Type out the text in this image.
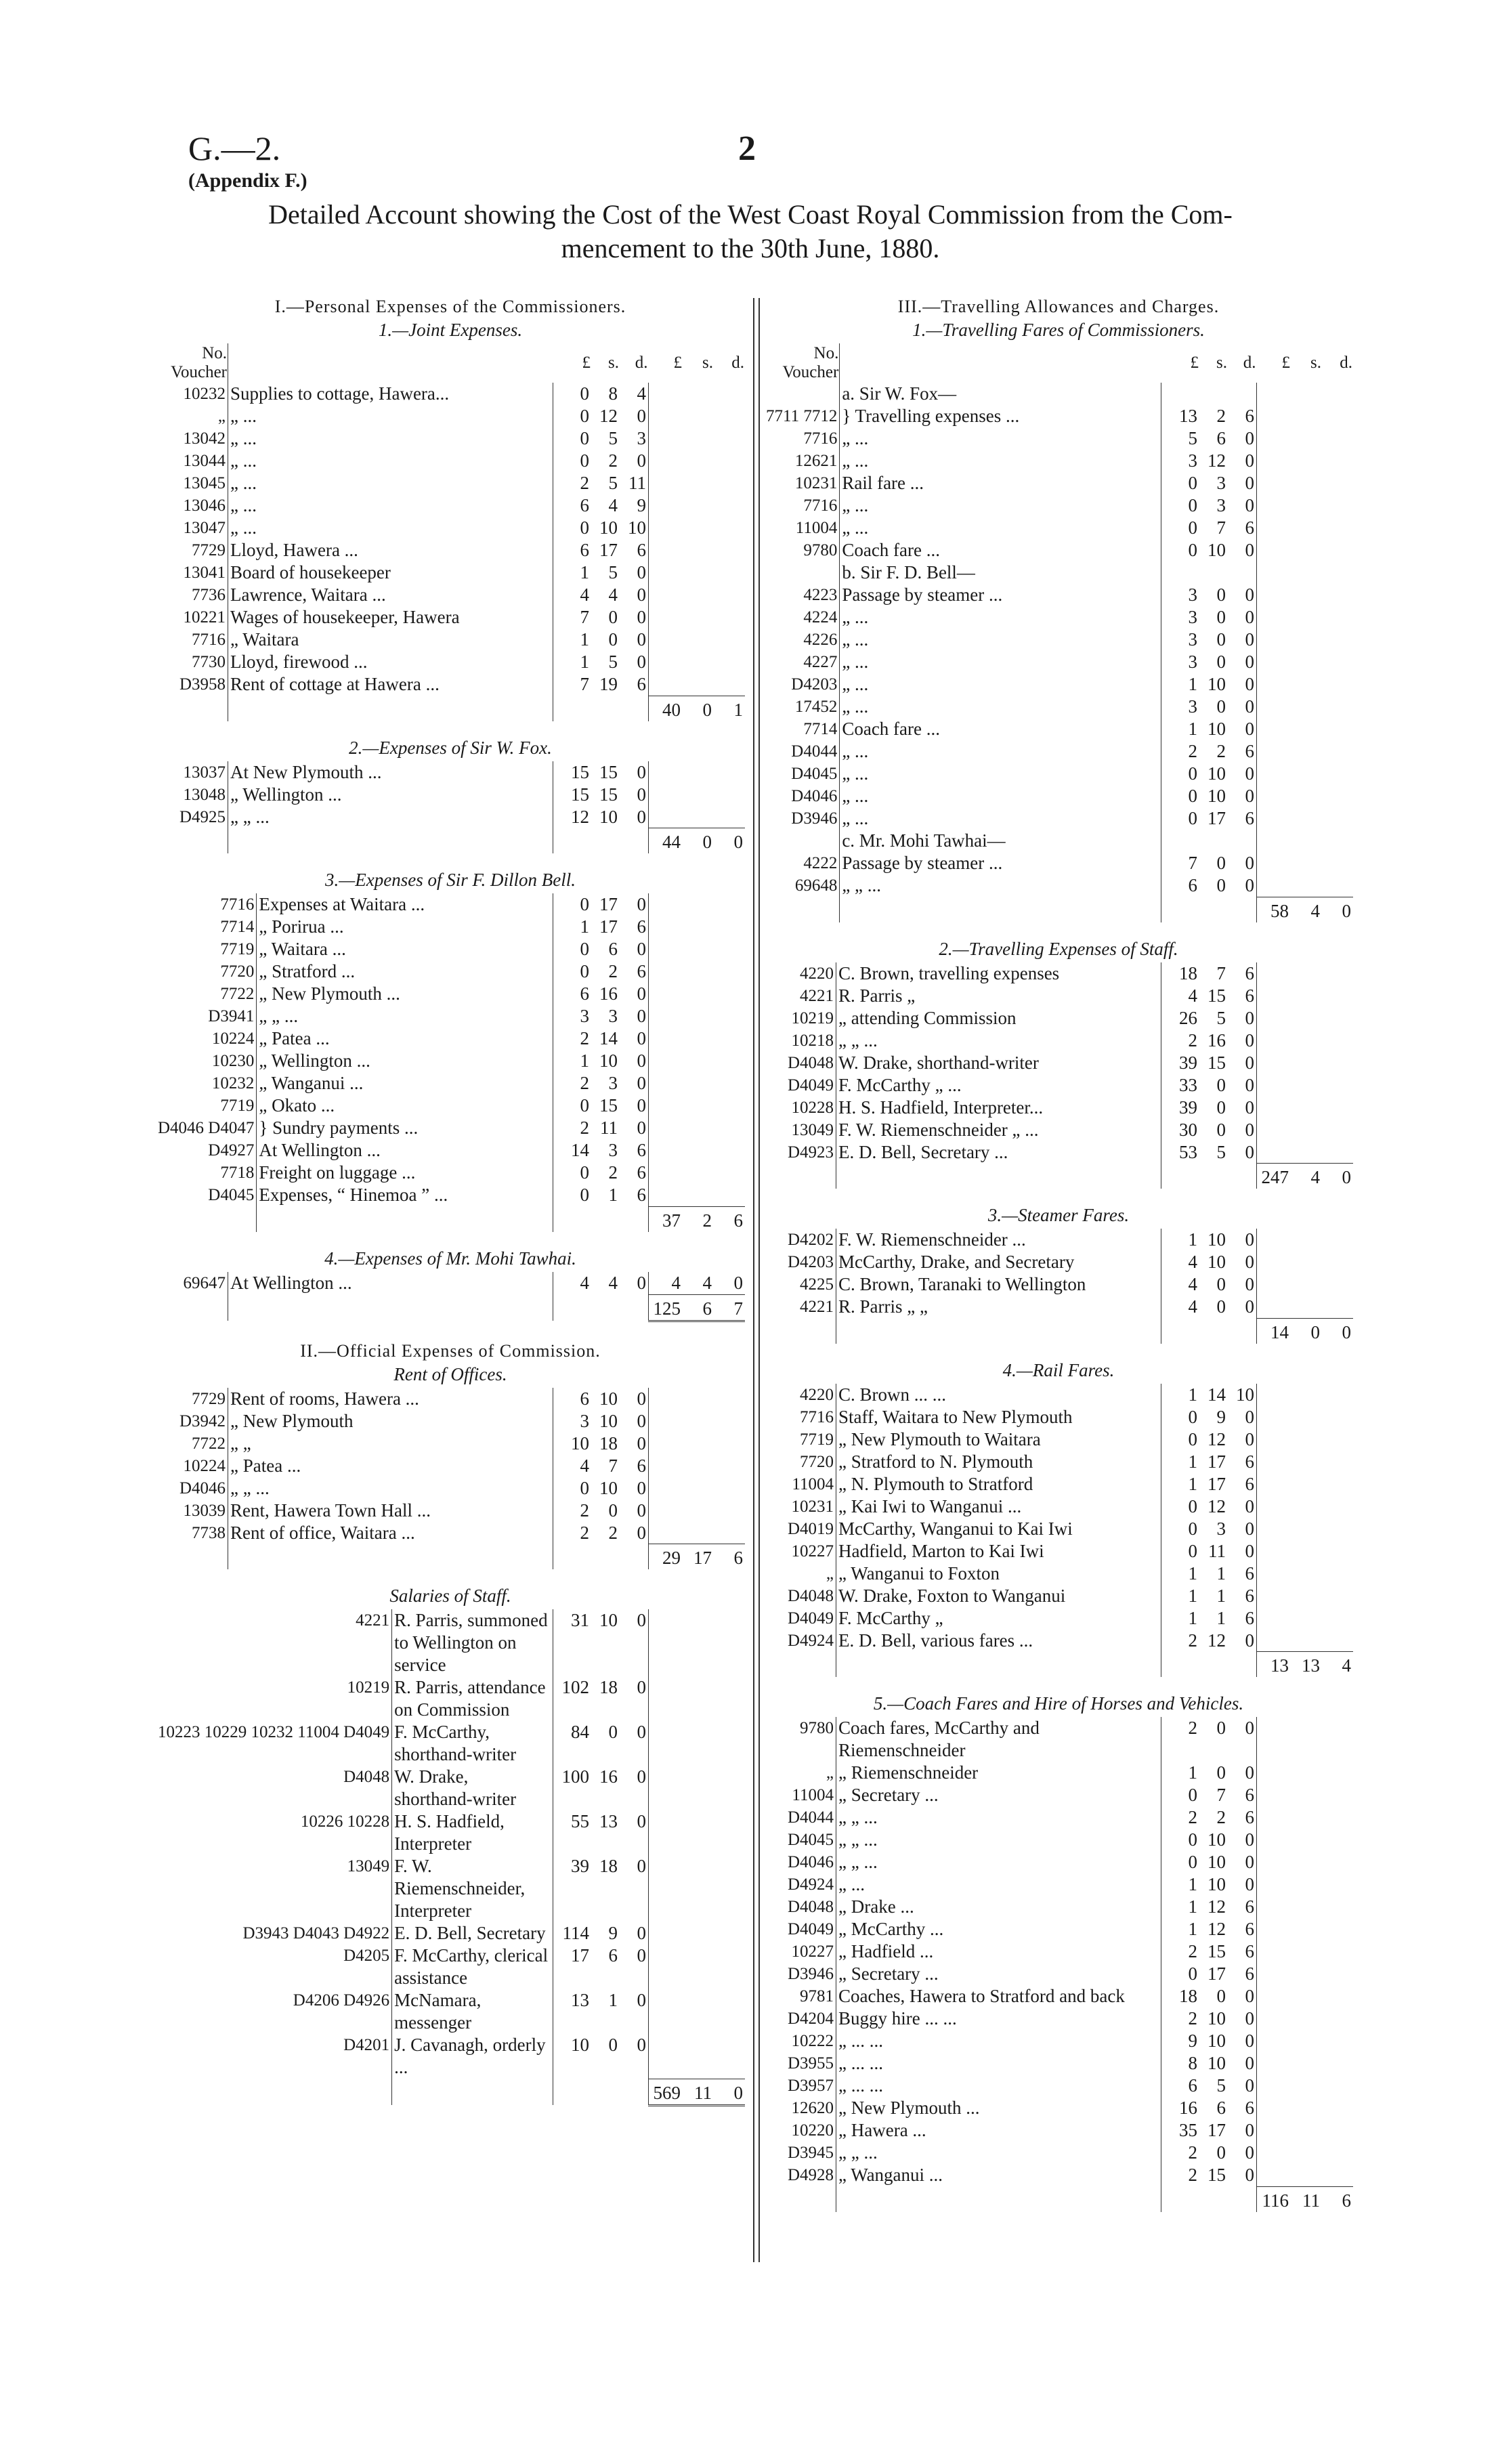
G.—2.
(Appendix F.)
2
Detailed Account showing the Cost of the West Coast Royal Commission from the Com-
mencement to the 30th June, 1880.
I.—Personal Expenses of the Commissioners.
1.—Joint Expenses.
No.
Voucher		£	s.	d.	£	s.	d.
10232	Supplies to cottage, Hawera...	0	8	4			
„	„ ...	0	12	0			
13042	„ ...	0	5	3			
13044	„ ...	0	2	0			
13045	„ ...	2	5	11			
13046	„ ...	6	4	9			
13047	„ ...	0	10	10			
7729	Lloyd, Hawera ...	6	17	6			
13041	Board of housekeeper	1	5	0			
7736	Lawrence, Waitara ...	4	4	0			
10221	Wages of housekeeper, Hawera	7	0	0			
7716	„ Waitara	1	0	0			
7730	Lloyd, firewood ...	1	5	0			
D3958	Rent of cottage at Hawera ...	7	19	6			
					40	0	1
2.—Expenses of Sir W. Fox.
13037	At New Plymouth ...	15	15	0			
13048	„ Wellington ...	15	15	0			
D4925	„ „ ...	12	10	0			
					44	0	0
3.—Expenses of Sir F. Dillon Bell.
7716	Expenses at Waitara ...	0	17	0			
7714	„ Porirua ...	1	17	6			
7719	„ Waitara ...	0	6	0			
7720	„ Stratford ...	0	2	6			
7722	„ New Plymouth ...	6	16	0			
D3941	„ „ ...	3	3	0			
10224	„ Patea ...	2	14	0			
10230	„ Wellington ...	1	10	0			
10232	„ Wanganui ...	2	3	0			
7719	„ Okato ...	0	15	0			
D4046 D4047	} Sundry payments ...	2	11	0			
D4927	At Wellington ...	14	3	6			
7718	Freight on luggage ...	0	2	6			
D4045	Expenses, “ Hinemoa ” ...	0	1	6			
					37	2	6
4.—Expenses of Mr. Mohi Tawhai.
69647	At Wellington ...	4	4	0	4	4	0
					125	6	7
II.—Official Expenses of Commission.
Rent of Offices.
7729	Rent of rooms, Hawera ...	6	10	0			
D3942	„ New Plymouth	3	10	0			
7722	„ „	10	18	0			
10224	„ Patea ...	4	7	6			
D4046	„ „ ...	0	10	0			
13039	Rent, Hawera Town Hall ...	2	0	0			
7738	Rent of office, Waitara ...	2	2	0			
					29	17	6
Salaries of Staff.
4221	R. Parris, summoned to Wellington on service	31	10	0			
10219	R. Parris, attendance on Commission	102	18	0			
10223 10229 10232 11004 D4049	F. McCarthy, shorthand-writer	84	0	0			
D4048	W. Drake, shorthand-writer	100	16	0			
10226 10228	H. S. Hadfield, Interpreter	55	13	0			
13049	F. W. Riemenschneider, Interpreter	39	18	0			
D3943 D4043 D4922	E. D. Bell, Secretary	114	9	0			
D4205	F. McCarthy, clerical assistance	17	6	0			
D4206 D4926	McNamara, messenger	13	1	0			
D4201	J. Cavanagh, orderly ...	10	0	0			
					569	11	0
III.—Travelling Allowances and Charges.
1.—Travelling Fares of Commissioners.
No.
Voucher		£	s.	d.	£	s.	d.
	a. Sir W. Fox—						
7711 7712	} Travelling expenses ...	13	2	6			
7716	„ ...	5	6	0			
12621	„ ...	3	12	0			
10231	Rail fare ...	0	3	0			
7716	„ ...	0	3	0			
11004	„ ...	0	7	6			
9780	Coach fare ...	0	10	0			
	b. Sir F. D. Bell—						
4223	Passage by steamer ...	3	0	0			
4224	„ ...	3	0	0			
4226	„ ...	3	0	0			
4227	„ ...	3	0	0			
D4203	„ ...	1	10	0			
17452	„ ...	3	0	0			
7714	Coach fare ...	1	10	0			
D4044	„ ...	2	2	6			
D4045	„ ...	0	10	0			
D4046	„ ...	0	10	0			
D3946	„ ...	0	17	6			
	c. Mr. Mohi Tawhai—						
4222	Passage by steamer ...	7	0	0			
69648	„ „ ...	6	0	0			
					58	4	0
2.—Travelling Expenses of Staff.
4220	C. Brown, travelling expenses	18	7	6			
4221	R. Parris „	4	15	6			
10219	„ attending Commission	26	5	0			
10218	„ „ ...	2	16	0			
D4048	W. Drake, shorthand-writer	39	15	0			
D4049	F. McCarthy „ ...	33	0	0			
10228	H. S. Hadfield, Interpreter...	39	0	0			
13049	F. W. Riemenschneider „ ...	30	0	0			
D4923	E. D. Bell, Secretary ...	53	5	0			
					247	4	0
3.—Steamer Fares.
D4202	F. W. Riemenschneider ...	1	10	0			
D4203	McCarthy, Drake, and Secretary	4	10	0			
4225	C. Brown, Taranaki to Wellington	4	0	0			
4221	R. Parris „ „	4	0	0			
					14	0	0
4.—Rail Fares.
4220	C. Brown ... ...	1	14	10			
7716	Staff, Waitara to New Plymouth	0	9	0			
7719	„ New Plymouth to Waitara	0	12	0			
7720	„ Stratford to N. Plymouth	1	17	6			
11004	„ N. Plymouth to Stratford	1	17	6			
10231	„ Kai Iwi to Wanganui ...	0	12	0			
D4019	McCarthy, Wanganui to Kai Iwi	0	3	0			
10227	Hadfield, Marton to Kai Iwi	0	11	0			
„	„ Wanganui to Foxton	1	1	6			
D4048	W. Drake, Foxton to Wanganui	1	1	6			
D4049	F. McCarthy „	1	1	6			
D4924	E. D. Bell, various fares ...	2	12	0			
					13	13	4
5.—Coach Fares and Hire of Horses and Vehicles.
9780	Coach fares, McCarthy and Riemenschneider	2	0	0			
„	„ Riemenschneider	1	0	0			
11004	„ Secretary ...	0	7	6			
D4044	„ „ ...	2	2	6			
D4045	„ „ ...	0	10	0			
D4046	„ „ ...	0	10	0			
D4924	„ ...	1	10	0			
D4048	„ Drake ...	1	12	6			
D4049	„ McCarthy ...	1	12	6			
10227	„ Hadfield ...	2	15	6			
D3946	„ Secretary ...	0	17	6			
9781	Coaches, Hawera to Stratford and back	18	0	0			
D4204	Buggy hire ... ...	2	10	0			
10222	„ ... ...	9	10	0			
D3955	„ ... ...	8	10	0			
D3957	„ ... ...	6	5	0			
12620	„ New Plymouth ...	16	6	6			
10220	„ Hawera ...	35	17	0			
D3945	„ „ ...	2	0	0			
D4928	„ Wanganui ...	2	15	0			
					116	11	6
